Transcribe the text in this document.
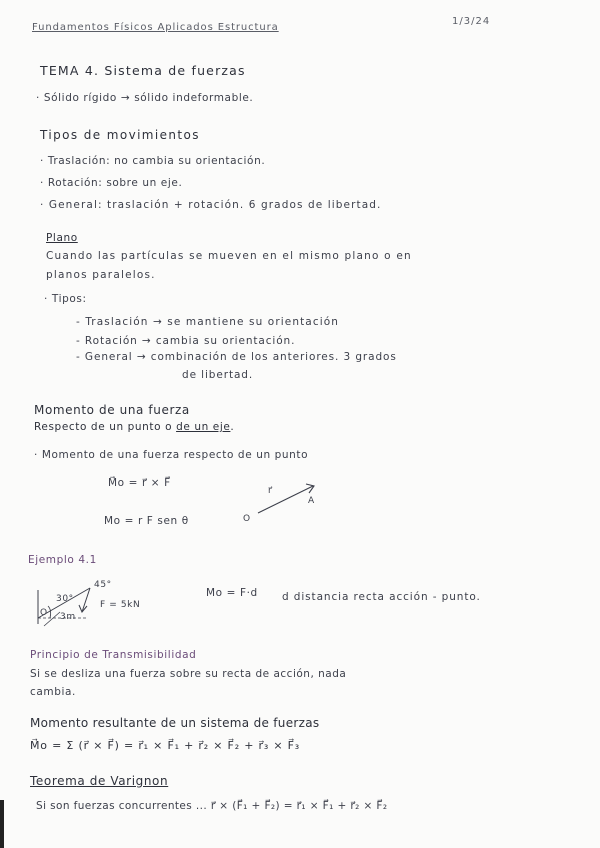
Fundamentos Físicos Aplicados Estructura
1/3/24
TEMA 4. Sistema de fuerzas
· Sólido rígido → sólido indeformable.
Tipos de movimientos
· Traslación: no cambia su orientación.
· Rotación: sobre un eje.
· General: traslación + rotación. 6 grados de libertad.
Plano
Cuando las partículas se mueven en el mismo plano o en
planos paralelos.
· Tipos:
- Traslación → se mantiene su orientación
- Rotación → cambia su orientación.
- General → combinación de los anteriores. 3 grados
de libertad.
Momento de una fuerza
Respecto de un punto o de un eje.
· Momento de una fuerza respecto de un punto
M⃗o = r⃗ × F⃗
Mo = r F sen θ
r⃗
A
O
Ejemplo 4.1
45°
30°
F = 5kN
3m
O
Mo = F·d d distancia recta acción - punto.
Principio de Transmisibilidad
Si se desliza una fuerza sobre su recta de acción, nada
cambia.
Momento resultante de un sistema de fuerzas
M⃗o = Σ (r⃗ × F⃗) = r⃗₁ × F⃗₁ + r⃗₂ × F⃗₂ + r⃗₃ × F⃗₃
Teorema de Varignon
Si son fuerzas concurrentes ... r⃗ × (F⃗₁ + F⃗₂) = r⃗₁ × F⃗₁ + r⃗₂ × F⃗₂
